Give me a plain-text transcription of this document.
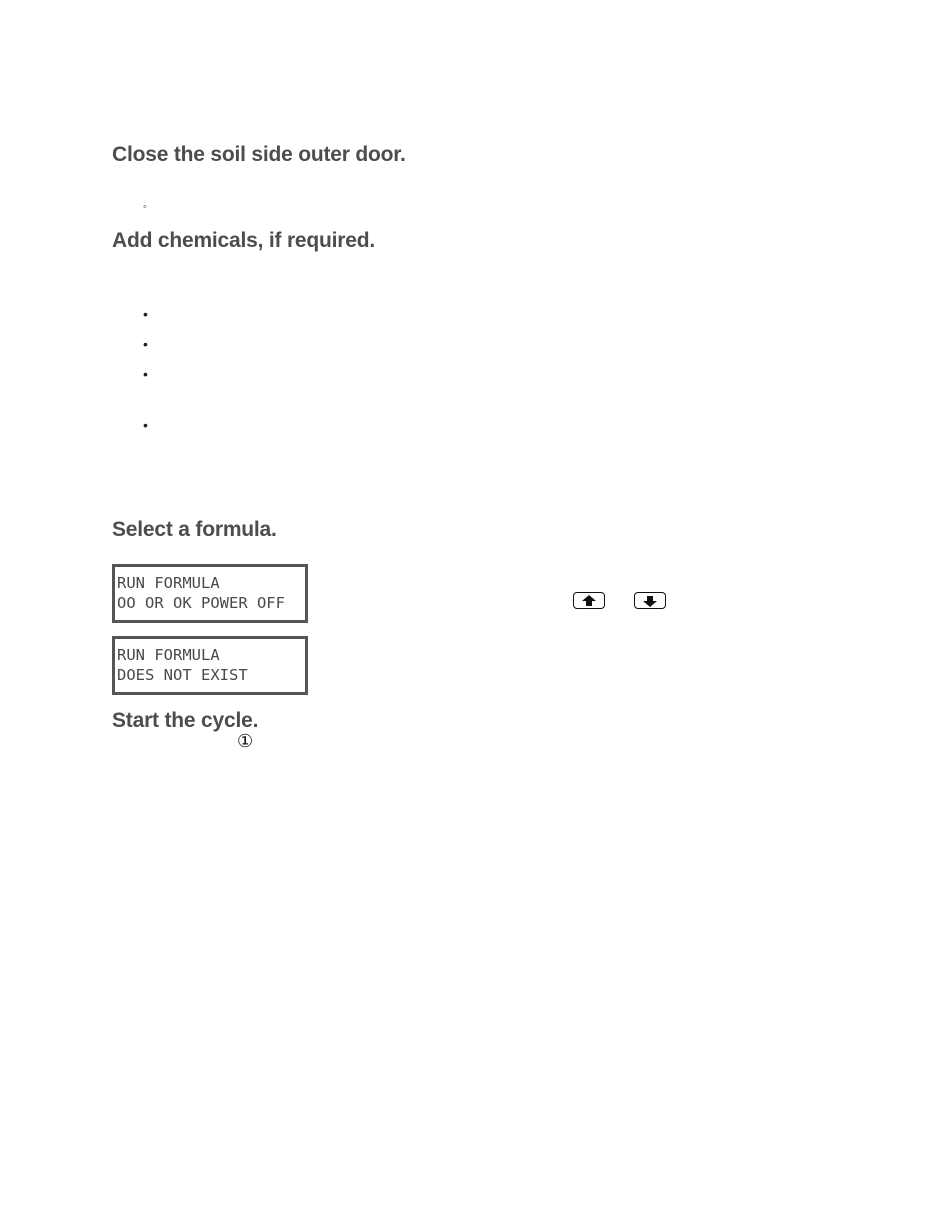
Close the soil side outer door.
◦
Add chemicals, if required.
•
•
•
•
Select a formula.
RUN FORMULA
OO OR OK POWER OFF
RUN FORMULA
DOES NOT EXIST
Start the cycle.
①
